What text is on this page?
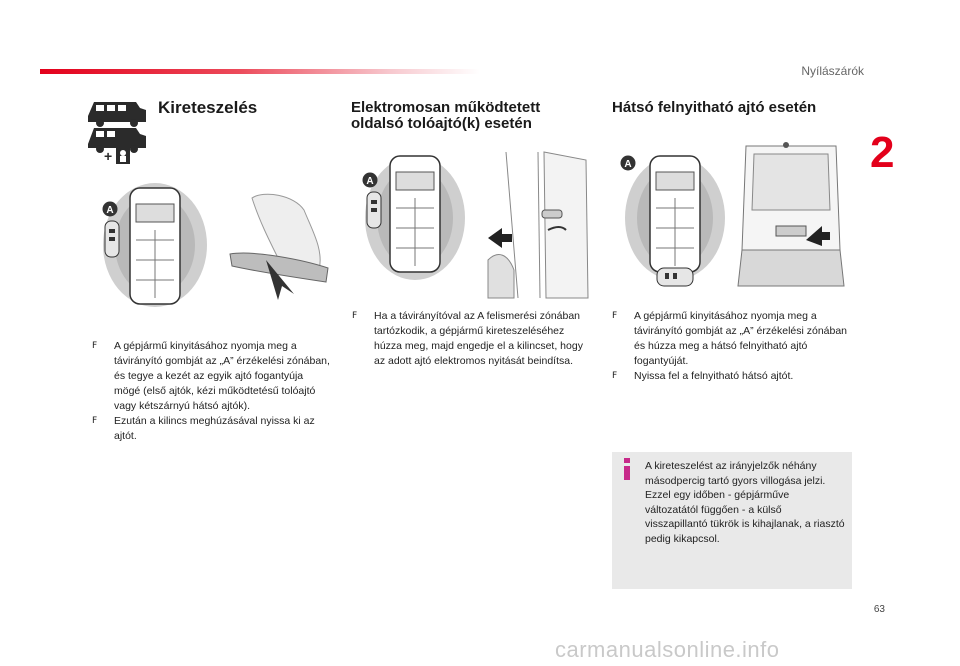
Nyílászárók
2
63
+
Kireteszelés
A
F	A gépjármű kinyitásához nyomja meg a távirányító gombját az „A” érzékelési zónában, és tegye a kezét az egyik ajtó fogantyúja mögé (első ajtók, kézi működtetésű tolóajtó vagy kétszárnyú hátsó ajtók).
F	Ezután a kilincs meghúzásával nyissa ki az ajtót.
Elektromosan működtetett
oldalsó tolóajtó(k) esetén
A
F	Ha a távirányítóval az A felismerési zónában tartózkodik, a gépjármű kireteszeléséhez húzza meg, majd engedje el a kilincset, hogy az adott ajtó elektromos nyitását beindítsa.
Hátsó felnyitható ajtó esetén
A
F	A gépjármű kinyitásához nyomja meg a távirányító gombját az „A” érzékelési zónában és húzza meg a hátsó felnyitható ajtó fogantyúját.
F	Nyissa fel a felnyitható hátsó ajtót.
A kireteszelést az irányjelzők néhány másodpercig tartó gyors villogása jelzi. Ezzel egy időben - gépjárműve változatától függően - a külső visszapillantó tükrök is kihajlanak, a riasztó pedig kikapcsol.
carmanualsonline.info
